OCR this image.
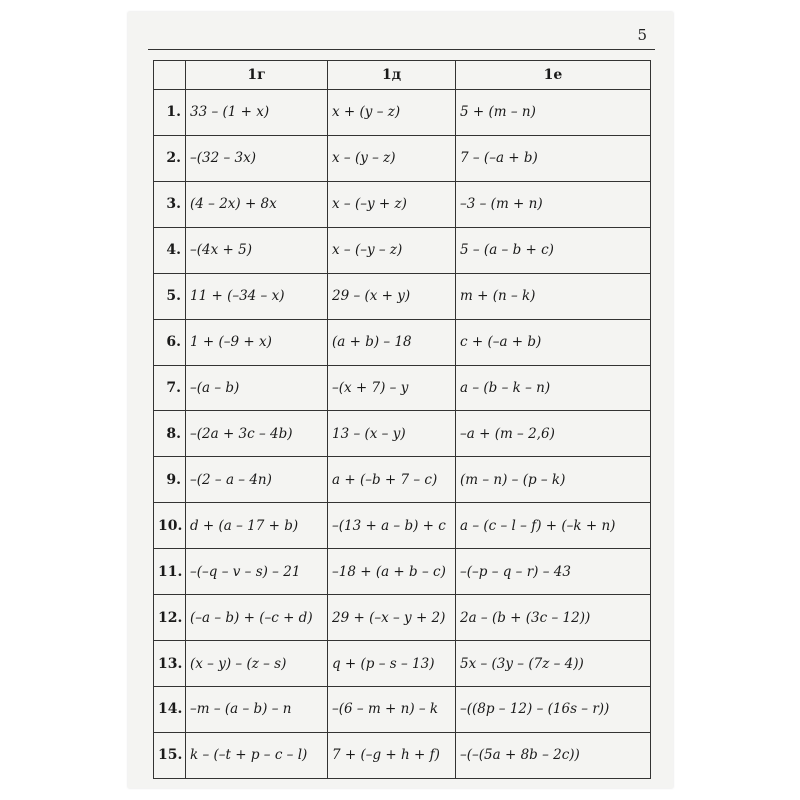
5
	1г	1д	1е
1.	33 – (1 + x)	x + (y – z)	5 + (m – n)
2.	–(32 – 3x)	x – (y – z)	7 – (–a + b)
3.	(4 – 2x) + 8x	x – (–y + z)	–3 – (m + n)
4.	–(4x + 5)	x – (–y – z)	5 – (a – b + c)
5.	11 + (–34 – x)	29 – (x + y)	m + (n – k)
6.	1 + (–9 + x)	(a + b) – 18	c + (–a + b)
7.	–(a – b)	–(x + 7) – y	a – (b – k – n)
8.	–(2a + 3c – 4b)	13 – (x – y)	–a + (m – 2,6)
9.	–(2 – a – 4n)	a + (–b + 7 – c)	(m – n) – (p – k)
10.	d + (a – 17 + b)	–(13 + a – b) + c	a – (c – l – f) + (–k + n)
11.	–(–q – v – s) – 21	–18 + (a + b – c)	–(–p – q – r) – 43
12.	(–a – b) + (–c + d)	29 + (–x – y + 2)	2a – (b + (3c – 12))
13.	(x – y) – (z – s)	q + (p – s – 13)	5x – (3y – (7z – 4))
14.	–m – (a – b) – n	–(6 – m + n) – k	–((8p – 12) – (16s – r))
15.	k – (–t + p – c – l)	7 + (–g + h + f)	–(–(5a + 8b – 2c))
